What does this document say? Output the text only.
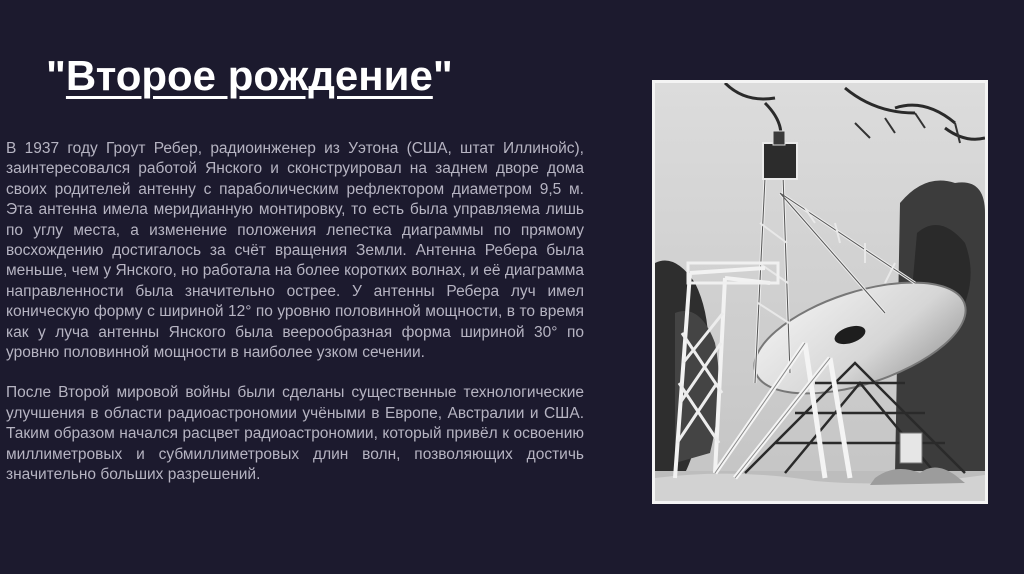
"Второе рождение"

В 1937 году Гроут Ребер, радиоинженер из Уэтона (США, штат Иллинойс), заинтересовался работой Янского и сконструировал на заднем дворе дома своих родителей антенну с параболическим рефлектором диаметром 9,5 м. Эта антенна имела меридианную монтировку, то есть была управляема лишь по углу места, а изменение положения лепестка диаграммы по прямому восхождению достигалось за счёт вращения Земли. Антенна Ребера была меньше, чем у Янского, но работала на более коротких волнах, и её диаграмма направленности была значительно острее. У антенны Ребера луч имел коническую форму с шириной 12° по уровню половинной мощности, в то время как у луча антенны Янского была веерообразная форма шириной 30° по уровню половинной мощности в наиболее узком сечении.

После Второй мировой войны были сделаны существенные технологические улучшения в области радиоастрономии учёными в Европе, Австралии и США. Таким образом начался расцвет радиоастрономии, который привёл к освоению миллиметровых и субмиллиметровых длин волн, позволяющих достичь значительно больших разрешений.
